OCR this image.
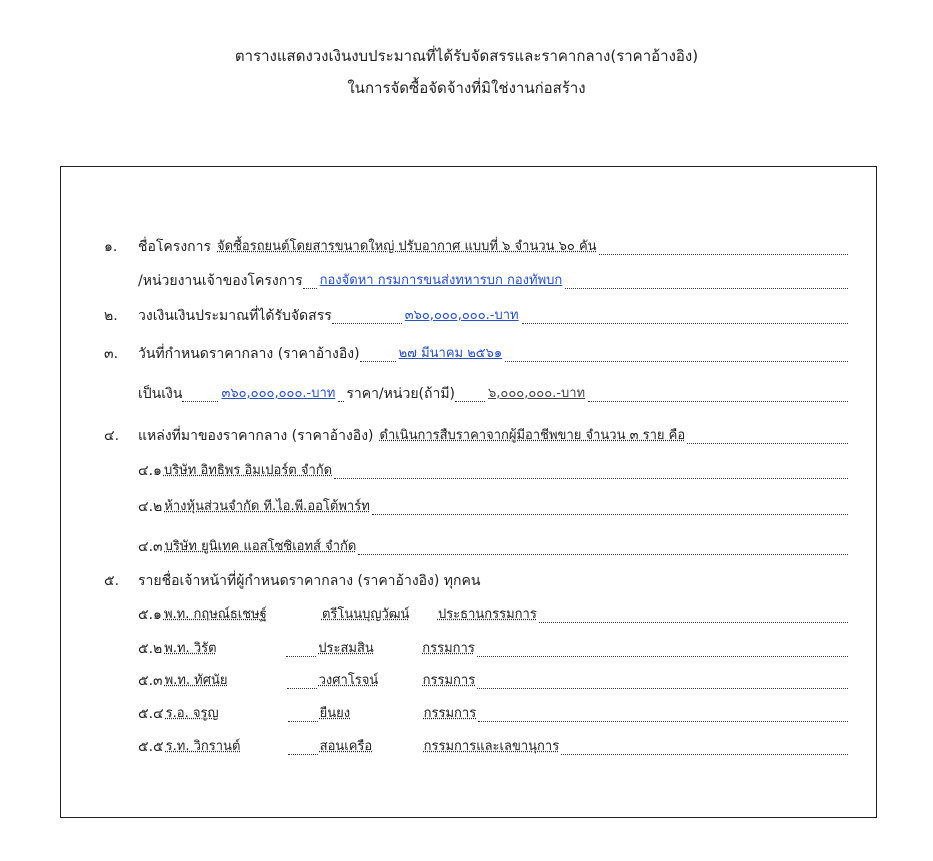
ตารางแสดงวงเงินงบประมาณที่ได้รับจัดสรรและราคากลาง(ราคาอ้างอิง)
ในการจัดซื้อจัดจ้างที่มิใช่งานก่อสร้าง
๑.	ชื่อโครงการ จัดซื้อรถยนต์โดยสารขนาดใหญ่ ปรับอากาศ แบบที่ ๖ จำนวน ๖๐ คัน
/หน่วยงานเจ้าของโครงการ กองจัดหา กรมการขนส่งทหารบก กองทัพบก
๒.	วงเงินเงินประมาณที่ได้รับจัดสรร	๓๖๐,๐๐๐,๐๐๐.-บาท
๓.	วันที่กำหนดราคากลาง (ราคาอ้างอิง)	๒๗ มีนาคม ๒๕๖๑
เป็นเงิน	๓๖๐,๐๐๐,๐๐๐.-บาท ราคา/หน่วย(ถ้ามี)	๖,๐๐๐,๐๐๐.-บาท
๔.	แหล่งที่มาของราคากลาง (ราคาอ้างอิง) ดำเนินการสืบราคาจากผู้มีอาชีพขาย จำนวน ๓ ราย คือ
๔.๑ บริษัท อิทธิพร อิมเปอร์ต จำกัด
๔.๒ ห้างหุ้นส่วนจำกัด ที.ไอ.พี.ออโต้พาร์ท
๔.๓ บริษัท ยูนิเทค แอสโซซิเอทส์ จำกัด
๕.	รายชื่อเจ้าหน้าที่ผู้กำหนดราคากลาง (ราคาอ้างอิง) ทุกคน
๕.๑ พ.ท. กฤษณ์ธเชษฐ์	ตรีโนนบุญวัฒน์	ประธานกรรมการ
๕.๒ พ.ท. วิรัต	ประสมสิน	กรรมการ
๕.๓ พ.ท. ทัศนัย	วงศาโรจน์	กรรมการ
๕.๔ ร.อ. จรูญ	ยืนยง	กรรมการ
๕.๕ ร.ท. วิกรานต์	สอนเครือ	กรรมการและเลขานุการ
